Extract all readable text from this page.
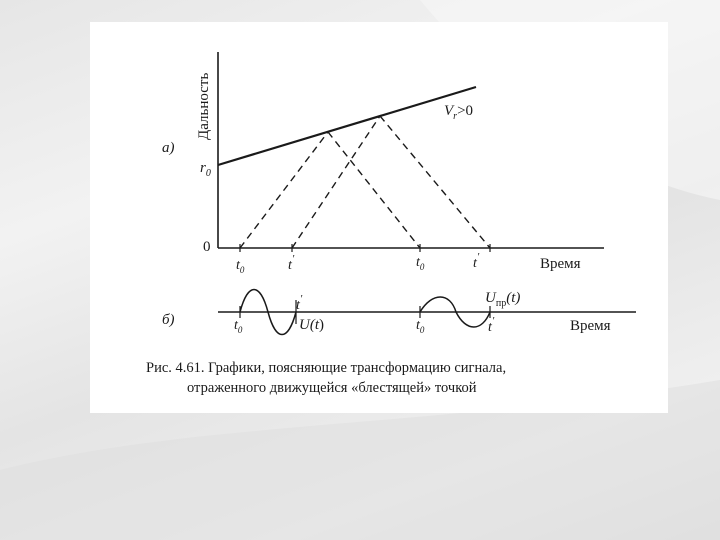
а)
Дальность
0
$r_0$
$V_r>0$
$t_0$	t'	$t_0$	t'	Время
б)	$t_0$
t'
$t_0$	t'
U(t)
$U_{пр}(t)$
Время
Рис. 4.61. Графики, поясняющие трансформацию сигнала,
отраженного движущейся «блестящей» точкой
